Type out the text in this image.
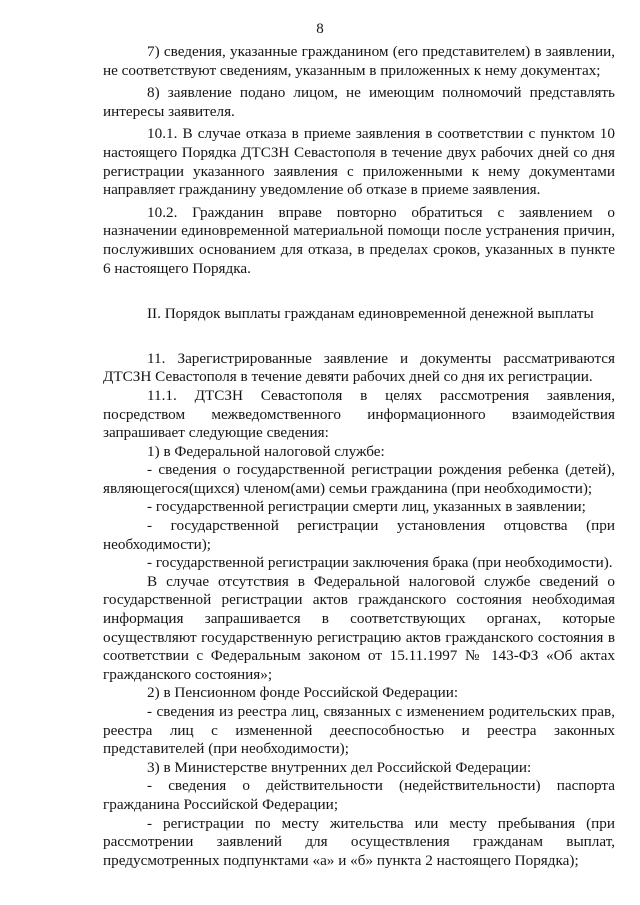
8

7) сведения, указанные гражданином (его представителем) в заявлении, не соответствуют сведениям, указанным в приложенных к нему документах;

8) заявление подано лицом, не имеющим полномочий представлять интересы заявителя.

10.1. В случае отказа в приеме заявления в соответствии с пунктом 10 настоящего Порядка ДТСЗН Севастополя в течение двух рабочих дней со дня регистрации указанного заявления с приложенными к нему документами направляет гражданину уведомление об отказе в приеме заявления.

10.2. Гражданин вправе повторно обратиться с заявлением о назначении единовременной материальной помощи после устранения причин, послуживших основанием для отказа, в пределах сроков, указанных в пункте 6 настоящего Порядка.

II. Порядок выплаты гражданам единовременной денежной выплаты

11. Зарегистрированные заявление и документы рассматриваются ДТСЗН Севастополя в течение девяти рабочих дней со дня их регистрации.

11.1. ДТСЗН Севастополя в целях рассмотрения заявления, посредством межведомственного информационного взаимодействия запрашивает следующие сведения:

1) в Федеральной налоговой службе:

- сведения о государственной регистрации рождения ребенка (детей), являющегося(щихся) членом(ами) семьи гражданина (при необходимости);

- государственной регистрации смерти лиц, указанных в заявлении;

- государственной регистрации установления отцовства (при необходимости);

- государственной регистрации заключения брака (при необходимости).

В случае отсутствия в Федеральной налоговой службе сведений о государственной регистрации актов гражданского состояния необходимая информация запрашивается в соответствующих органах, которые осуществляют государственную регистрацию актов гражданского состояния в соответствии с Федеральным законом от 15.11.1997 № 143-ФЗ «Об актах гражданского состояния»;

2) в Пенсионном фонде Российской Федерации:

- сведения из реестра лиц, связанных с изменением родительских прав, реестра лиц с измененной дееспособностью и реестра законных представителей (при необходимости);

3) в Министерстве внутренних дел Российской Федерации:

- сведения о действительности (недействительности) паспорта гражданина Российской Федерации;

- регистрации по месту жительства или месту пребывания (при рассмотрении заявлений для осуществления гражданам выплат, предусмотренных подпунктами «а» и «б» пункта 2 настоящего Порядка);
